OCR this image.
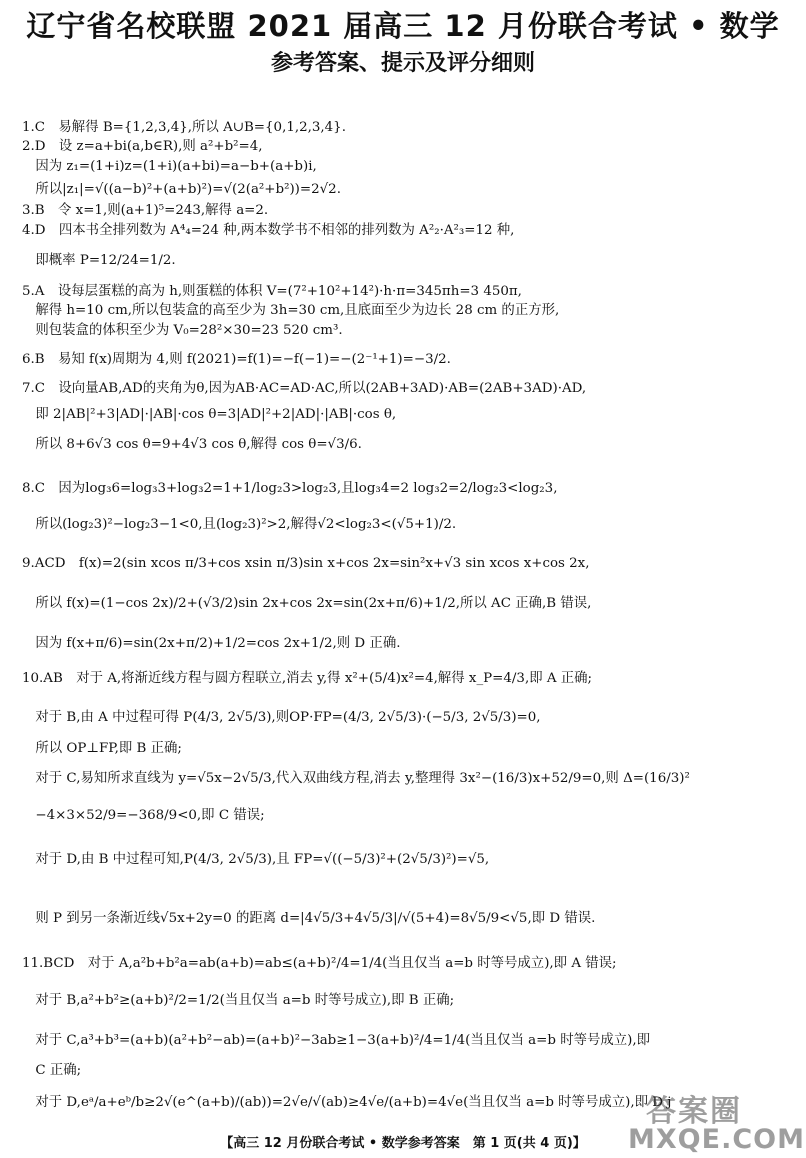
辽宁省名校联盟 2021 届高三 12 月份联合考试 • 数学
参考答案、提示及评分细则
1.C　易解得 B={1,2,3,4},所以 A∪B={0,1,2,3,4}.
2.D　设 z=a+bi(a,b∈R),则 a²+b²=4,
　因为 z₁=(1+i)z=(1+i)(a+bi)=a−b+(a+b)i,
　所以|z₁|=√((a−b)²+(a+b)²)=√(2(a²+b²))=2√2.
3.B　令 x=1,则(a+1)⁵=243,解得 a=2.
4.D　四本书全排列数为 A⁴₄=24 种,两本数学书不相邻的排列数为 A²₂·A²₃=12 种,
　即概率 P=12/24=1/2.
5.A　设每层蛋糕的高为 h,则蛋糕的体积 V=(7²+10²+14²)·h·π=345πh=3 450π,
　解得 h=10 cm,所以包装盒的高至少为 3h=30 cm,且底面至少为边长 28 cm 的正方形,
　则包装盒的体积至少为 V₀=28²×30=23 520 cm³.
6.B　易知 f(x)周期为 4,则 f(2021)=f(1)=−f(−1)=−(2⁻¹+1)=−3/2.
7.C　设向量AB,AD的夹角为θ,因为AB·AC=AD·AC,所以(2AB+3AD)·AB=(2AB+3AD)·AD,
　即 2|AB|²+3|AD|·|AB|·cos θ=3|AD|²+2|AD|·|AB|·cos θ,
　所以 8+6√3 cos θ=9+4√3 cos θ,解得 cos θ=√3/6.
8.C　因为log₃6=log₃3+log₃2=1+1/log₂3>log₂3,且log₃4=2 log₃2=2/log₂3<log₂3,
　所以(log₂3)²−log₂3−1<0,且(log₂3)²>2,解得√2<log₂3<(√5+1)/2.
9.ACD　f(x)=2(sin xcos π/3+cos xsin π/3)sin x+cos 2x=sin²x+√3 sin xcos x+cos 2x,
　所以 f(x)=(1−cos 2x)/2+(√3/2)sin 2x+cos 2x=sin(2x+π/6)+1/2,所以 AC 正确,B 错误,
　因为 f(x+π/6)=sin(2x+π/2)+1/2=cos 2x+1/2,则 D 正确.
10.AB　对于 A,将渐近线方程与圆方程联立,消去 y,得 x²+(5/4)x²=4,解得 x_P=4/3,即 A 正确;
　对于 B,由 A 中过程可得 P(4/3, 2√5/3),则OP·FP=(4/3, 2√5/3)·(−5/3, 2√5/3)=0,
　所以 OP⊥FP,即 B 正确;
　对于 C,易知所求直线为 y=√5x−2√5/3,代入双曲线方程,消去 y,整理得 3x²−(16/3)x+52/9=0,则 Δ=(16/3)²
　−4×3×52/9=−368/9<0,即 C 错误;
　对于 D,由 B 中过程可知,P(4/3, 2√5/3),且 FP=√((−5/3)²+(2√5/3)²)=√5,
　则 P 到另一条渐近线√5x+2y=0 的距离 d=|4√5/3+4√5/3|/√(5+4)=8√5/9<√5,即 D 错误.
11.BCD　对于 A,a²b+b²a=ab(a+b)=ab≤(a+b)²/4=1/4(当且仅当 a=b 时等号成立),即 A 错误;
　对于 B,a²+b²≥(a+b)²/2=1/2(当且仅当 a=b 时等号成立),即 B 正确;
　对于 C,a³+b³=(a+b)(a²+b²−ab)=(a+b)²−3ab≥1−3(a+b)²/4=1/4(当且仅当 a=b 时等号成立),即
　C 正确;
　对于 D,eᵃ/a+eᵇ/b≥2√(e^(a+b)/(ab))=2√e/√(ab)≥4√e/(a+b)=4√e(当且仅当 a=b 时等号成立),即 D j
【高三 12 月份联合考试 • 数学参考答案　第 1 页(共 4 页)】
答案圈
MXQE.COM
